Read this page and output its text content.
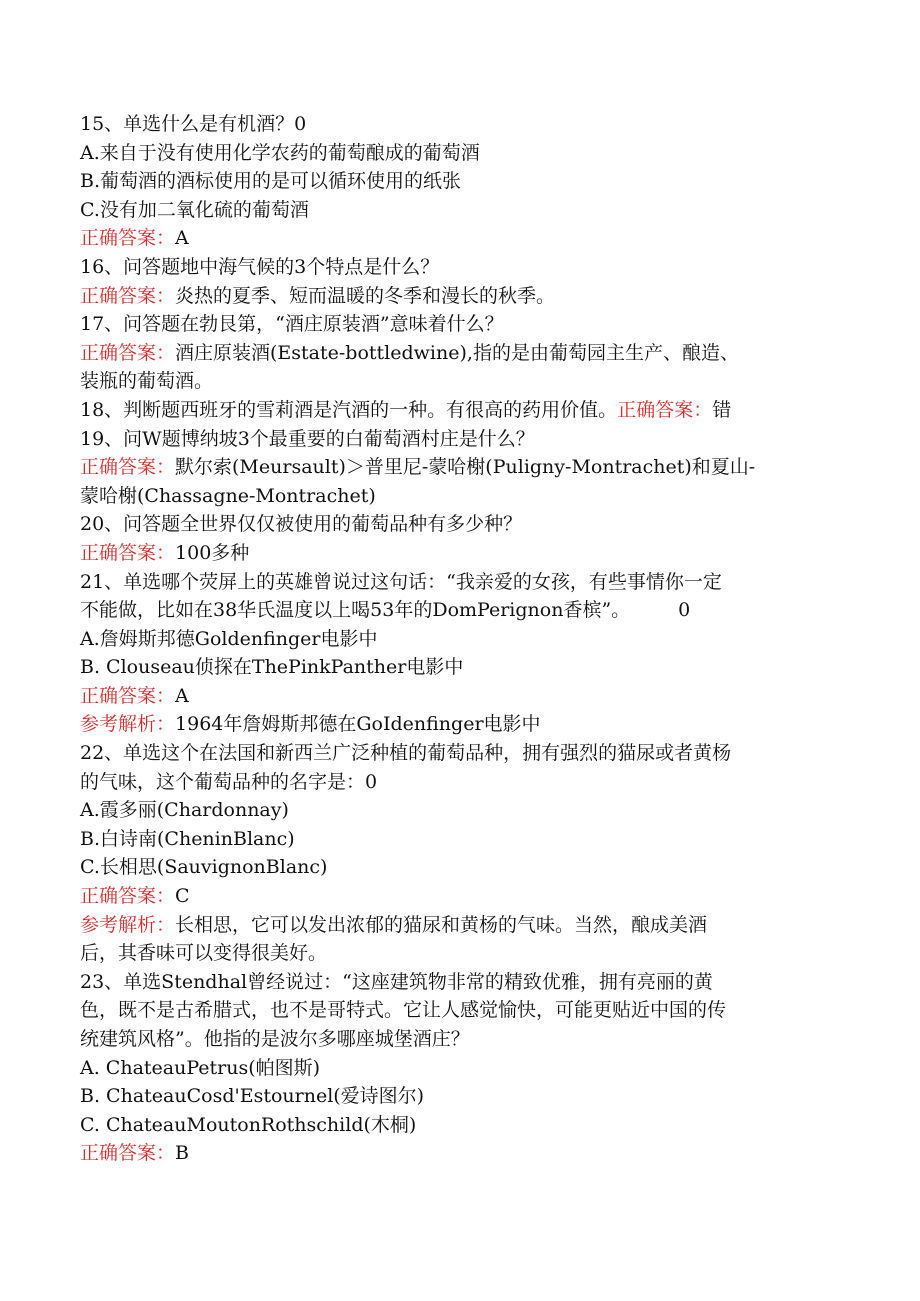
15、单选什么是有机酒？0
A.来自于没有使用化学农药的葡萄酿成的葡萄酒
B.葡萄酒的酒标使用的是可以循环使用的纸张
C.没有加二氧化硫的葡萄酒
正确答案：A
16、问答题地中海气候的3个特点是什么？
正确答案：炎热的夏季、短而温暖的冬季和漫长的秋季。
17、问答题在勃艮第，“酒庄原装酒”意味着什么？
正确答案：酒庄原装酒(Estate-bottledwine),指的是由葡萄园主生产、酿造、
装瓶的葡萄酒。
18、判断题西班牙的雪莉酒是汽酒的一种。有很高的药用价值。正确答案：错
19、问W题博纳坡3个最重要的白葡萄酒村庄是什么？
正确答案：默尔索(Meursault)＞普里尼-蒙哈榭(Puligny-Montrachet)和夏山-
蒙哈榭(Chassagne-Montrachet)
20、问答题全世界仅仅被使用的葡萄品种有多少种？
正确答案：100多种
21、单选哪个荧屏上的英雄曾说过这句话：“我亲爱的女孩，有些事情你一定
不能做，比如在38华氏温度以上喝53年的DomPerignon香槟”。	0
A.詹姆斯邦德Goldenfinger电影中
B. Clouseau侦探在ThePinkPanther电影中
正确答案：A
参考解析：1964年詹姆斯邦德在GoIdenfinger电影中
22、单选这个在法国和新西兰广泛种植的葡萄品种，拥有强烈的猫尿或者黄杨
的气味，这个葡萄品种的名字是：0
A.霞多丽(Chardonnay)
B.白诗南(CheninBlanc)
C.长相思(SauvignonBlanc)
正确答案：C
参考解析：长相思，它可以发出浓郁的猫尿和黄杨的气味。当然，酿成美酒
后，其香味可以变得很美好。
23、单选Stendhal曾经说过：“这座建筑物非常的精致优雅，拥有亮丽的黄
色，既不是古希腊式，也不是哥特式。它让人感觉愉快，可能更贴近中国的传
统建筑风格”。他指的是波尔多哪座城堡酒庄？
A. ChateauPetrus(帕图斯)
B. ChateauCosd'Estournel(爱诗图尔)
C. ChateauMoutonRothschild(木桐)
正确答案：B
